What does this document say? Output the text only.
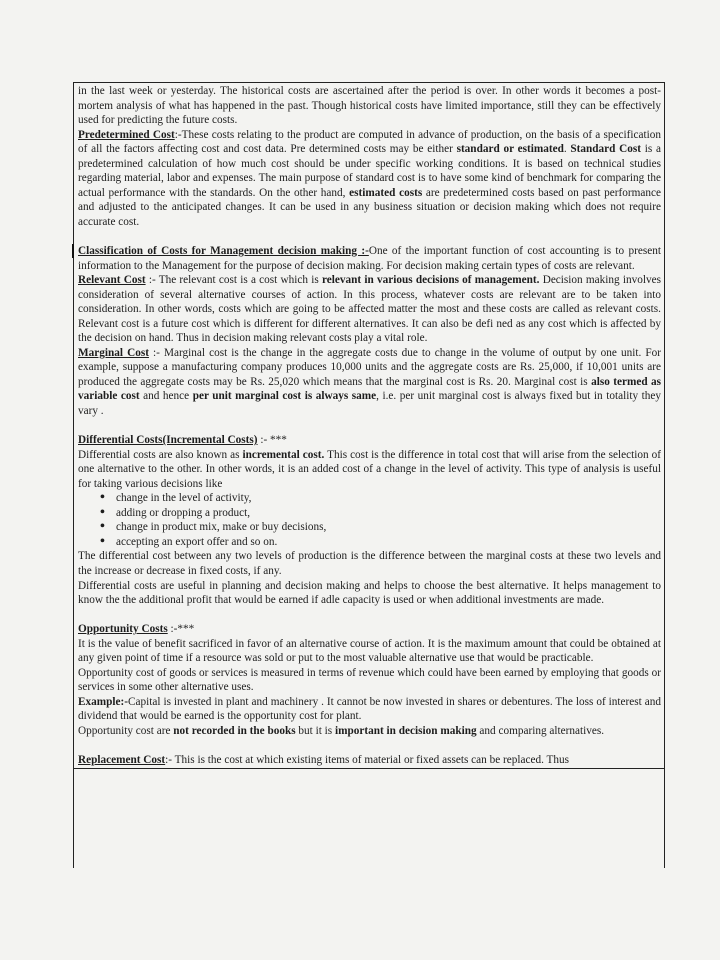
in the last week or yesterday. The historical costs are ascertained after the period is over. In other words it becomes a post-mortem analysis of what has happened in the past. Though historical costs have limited importance, still they can be effectively used for predicting the future costs.

Predetermined Cost:-These costs relating to the product are computed in advance of production, on the basis of a specification of all the factors affecting cost and cost data. Pre determined costs may be either standard or estimated. Standard Cost is a predetermined calculation of how much cost should be under specific working conditions. It is based on technical studies regarding material, labor and expenses. The main purpose of standard cost is to have some kind of benchmark for comparing the actual performance with the standards. On the other hand, estimated costs are predetermined costs based on past performance and adjusted to the anticipated changes. It can be used in any business situation or decision making which does not require accurate cost.

Classification of Costs for Management decision making :-One of the important function of cost accounting is to present information to the Management for the purpose of decision making. For decision making certain types of costs are relevant.

Relevant Cost :- The relevant cost is a cost which is relevant in various decisions of management. Decision making involves consideration of several alternative courses of action. In this process, whatever costs are relevant are to be taken into consideration. In other words, costs which are going to be affected matter the most and these costs are called as relevant costs. Relevant cost is a future cost which is different for different alternatives. It can also be defi ned as any cost which is affected by the decision on hand. Thus in decision making relevant costs play a vital role.

Marginal Cost :- Marginal cost is the change in the aggregate costs due to change in the volume of output by one unit. For example, suppose a manufacturing company produces 10,000 units and the aggregate costs are Rs. 25,000, if 10,001 units are produced the aggregate costs may be Rs. 25,020 which means that the marginal cost is Rs. 20. Marginal cost is also termed as variable cost and hence per unit marginal cost is always same, i.e. per unit marginal cost is always fixed but in totality they vary .

Differential Costs(Incremental Costs) :- ***

Differential costs are also known as incremental cost. This cost is the difference in total cost that will arise from the selection of one alternative to the other. In other words, it is an added cost of a change in the level of activity. This type of analysis is useful for taking various decisions like

• change in the level of activity,
• adding or dropping a product,
• change in product mix, make or buy decisions,
• accepting an export offer and so on.

The differential cost between any two levels of production is the difference between the marginal costs at these two levels and the increase or decrease in fixed costs, if any.

Differential costs are useful in planning and decision making and helps to choose the best alternative. It helps management to know the the additional profit that would be earned if adle capacity is used or when additional investments are made.

Opportunity Costs :-***

It is the value of benefit sacrificed in favor of an alternative course of action. It is the maximum amount that could be obtained at any given point of time if a resource was sold or put to the most valuable alternative use that would be practicable.

Opportunity cost of goods or services is measured in terms of revenue which could have been earned by employing that goods or services in some other alternative uses.

Example:-Capital is invested in plant and machinery . It cannot be now invested in shares or debentures. The loss of interest and dividend that would be earned is the opportunity cost for plant.

Opportunity cost are not recorded in the books but it is important in decision making and comparing alternatives.

Replacement Cost:- This is the cost at which existing items of material or fixed assets can be replaced. Thus
